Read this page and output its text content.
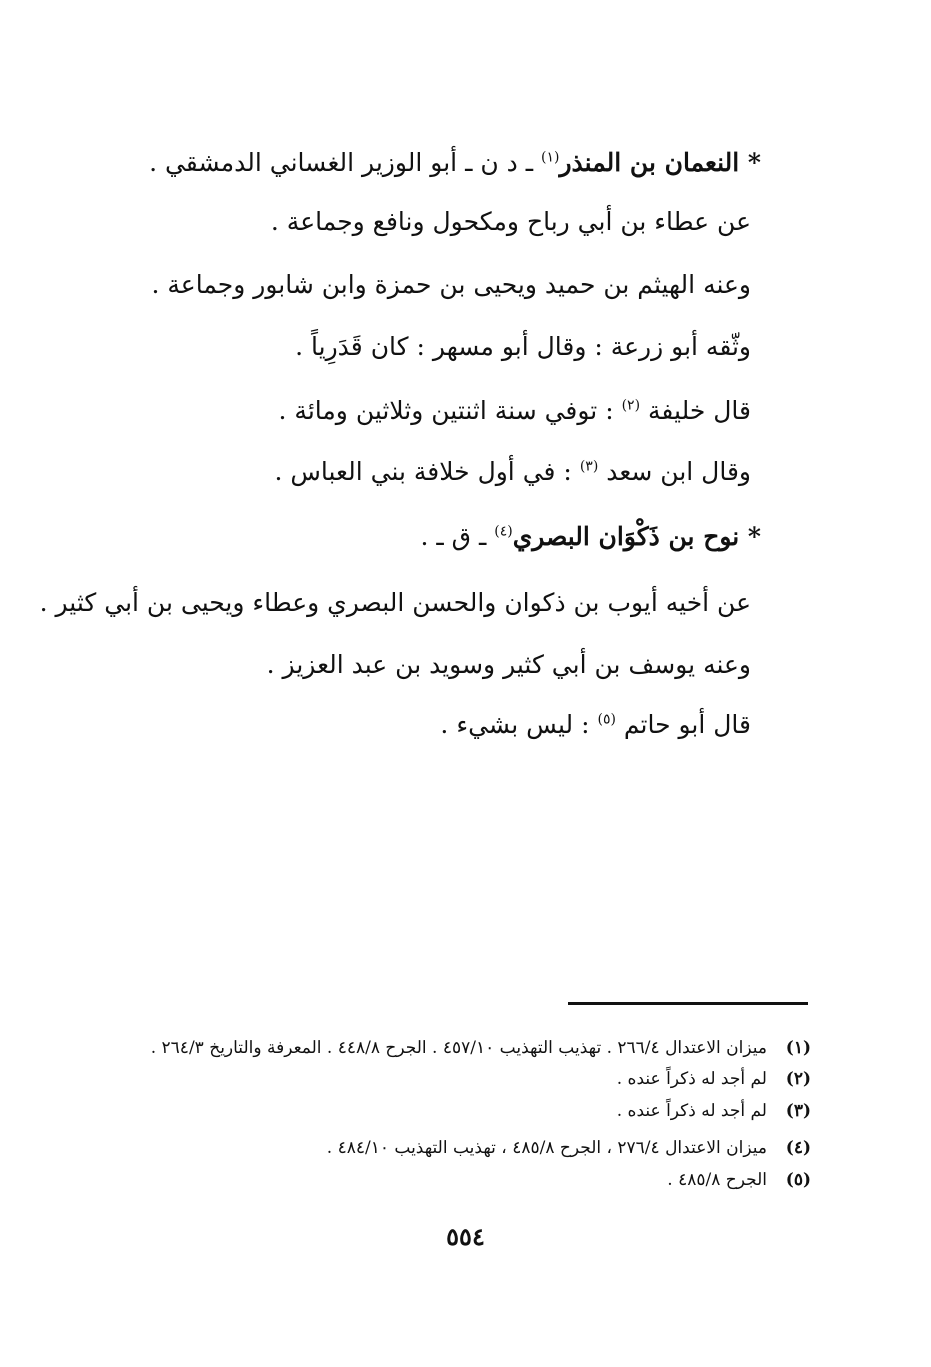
* النعمان بن المنذر$^{(١)}$ ـ د ن ـ أبو الوزير الغساني الدمشقي .
عن عطاء بن أبي رباح ومكحول ونافع وجماعة .
وعنه الهيثم بن حميد ويحيى بن حمزة وابن شابور وجماعة .
وثّقه أبو زرعة : وقال أبو مسهر : كان قَدَرِياً .
قال خليفة $^{(٢)}$ : توفي سنة اثنتين وثلاثين ومائة .
وقال ابن سعد $^{(٣)}$ : في أول خلافة بني العباس .
* نوح بن ذَكْوَان البصري$^{(٤)}$ ـ ق ـ .
عن أخيه أيوب بن ذكوان والحسن البصري وعطاء ويحيى بن أبي كثير .
وعنه يوسف بن أبي كثير وسويد بن عبد العزيز .
قال أبو حاتم $^{(٥)}$ : ليس بشيء .
(١)ميزان الاعتدال ٢٦٦/٤ . تهذيب التهذيب ٤٥٧/١٠ . الجرح ٤٤٨/٨ . المعرفة والتاريخ ٢٦٤/٣ .
(٢)لم أجد له ذكراً عنده .
(٣)لم أجد له ذكراً عنده .
(٤)ميزان الاعتدال ٢٧٦/٤ ، الجرح ٤٨٥/٨ ، تهذيب التهذيب ٤٨٤/١٠ .
(٥)الجرح ٤٨٥/٨ .
٥٥٤
